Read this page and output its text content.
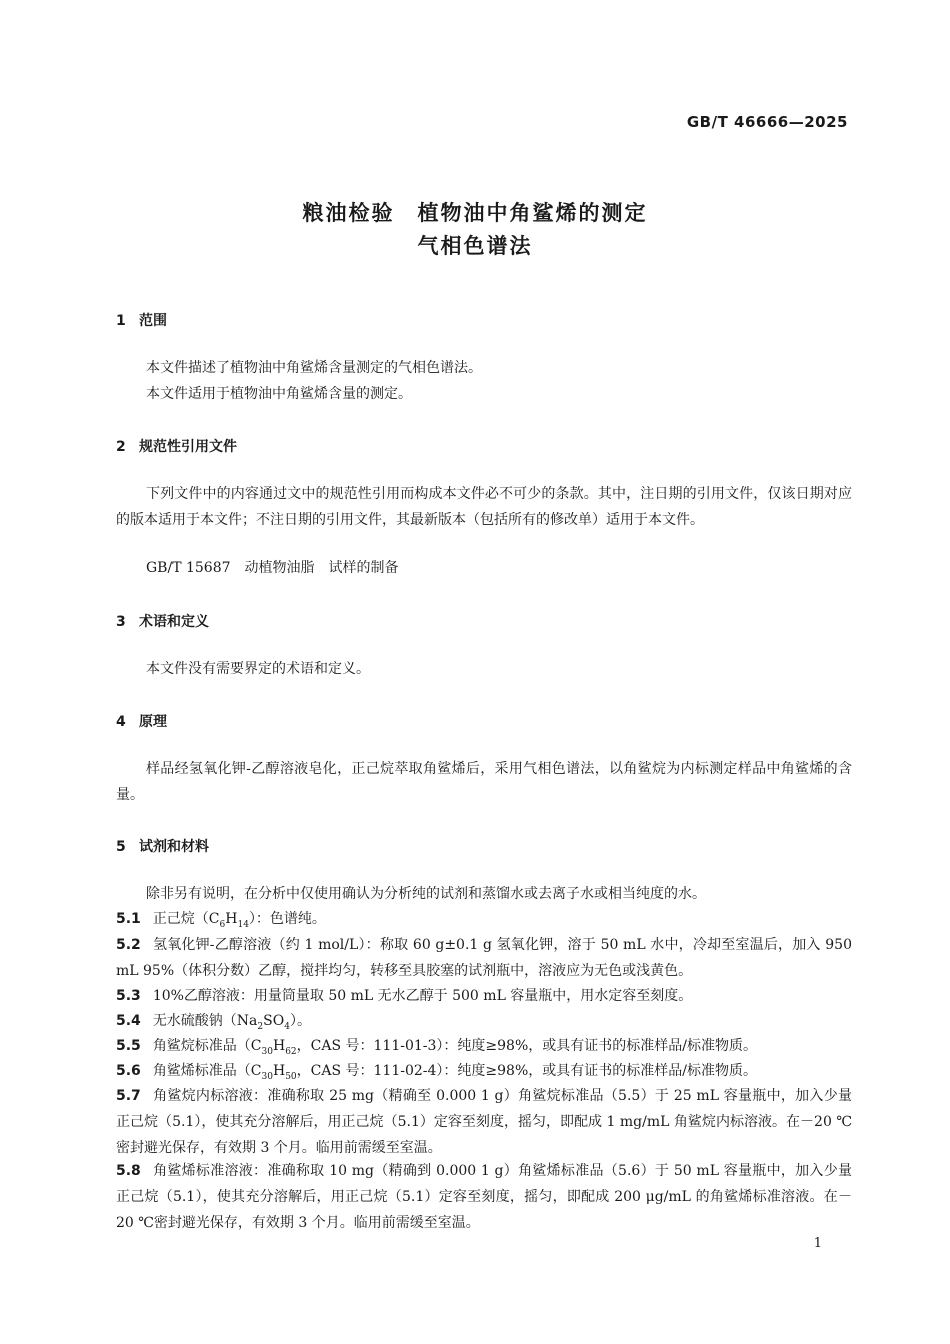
GB/T 46666—2025
粮油检验　植物油中角鲨烯的测定
气相色谱法
1 范围
本文件描述了植物油中角鲨烯含量测定的气相色谱法。
本文件适用于植物油中角鲨烯含量的测定。
2 规范性引用文件
下列文件中的内容通过文中的规范性引用而构成本文件必不可少的条款。其中，注日期的引用文件，仅该日期对应的版本适用于本文件；不注日期的引用文件，其最新版本（包括所有的修改单）适用于本文件。
GB/T 15687　动植物油脂　试样的制备
3 术语和定义
本文件没有需要界定的术语和定义。
4 原理
样品经氢氧化钾-乙醇溶液皂化，正己烷萃取角鲨烯后，采用气相色谱法，以角鲨烷为内标测定样品中角鲨烯的含量。
5 试剂和材料
除非另有说明，在分析中仅使用确认为分析纯的试剂和蒸馏水或去离子水或相当纯度的水。
5.1 正己烷$(C_6H_{14})$：色谱纯。
5.2 氢氧化钾-乙醇溶液（约 1 mol/L）：称取 60 g±0.1 g 氢氧化钾，溶于 50 mL 水中，冷却至室温后，加入 950 mL 95%（体积分数）乙醇，搅拌均匀，转移至具胶塞的试剂瓶中，溶液应为无色或浅黄色。
5.3 10%乙醇溶液：用量筒量取 50 mL 无水乙醇于 500 mL 容量瓶中，用水定容至刻度。
5.4 无水硫酸钠$(Na_2SO_4)$。
5.5 角鲨烷标准品（$C_{30}H_{62}$，CAS 号：111-01-3）：纯度≥98%，或具有证书的标准样品/标准物质。
5.6 角鲨烯标准品（$C_{30}H_{50}$，CAS 号：111-02-4）：纯度≥98%，或具有证书的标准样品/标准物质。
5.7 角鲨烷内标溶液：准确称取 25 mg（精确至 0.000 1 g）角鲨烷标准品（5.5）于 25 mL 容量瓶中，加入少量正己烷（5.1），使其充分溶解后，用正己烷（5.1）定容至刻度，摇匀，即配成 1 mg/mL 角鲨烷内标溶液。在－20 ℃密封避光保存，有效期 3 个月。临用前需缓至室温。
5.8 角鲨烯标准溶液：准确称取 10 mg（精确到 0.000 1 g）角鲨烯标准品（5.6）于 50 mL 容量瓶中，加入少量正己烷（5.1），使其充分溶解后，用正己烷（5.1）定容至刻度，摇匀，即配成 200 μg/mL 的角鲨烯标准溶液。在－20 ℃密封避光保存，有效期 3 个月。临用前需缓至室温。
1
